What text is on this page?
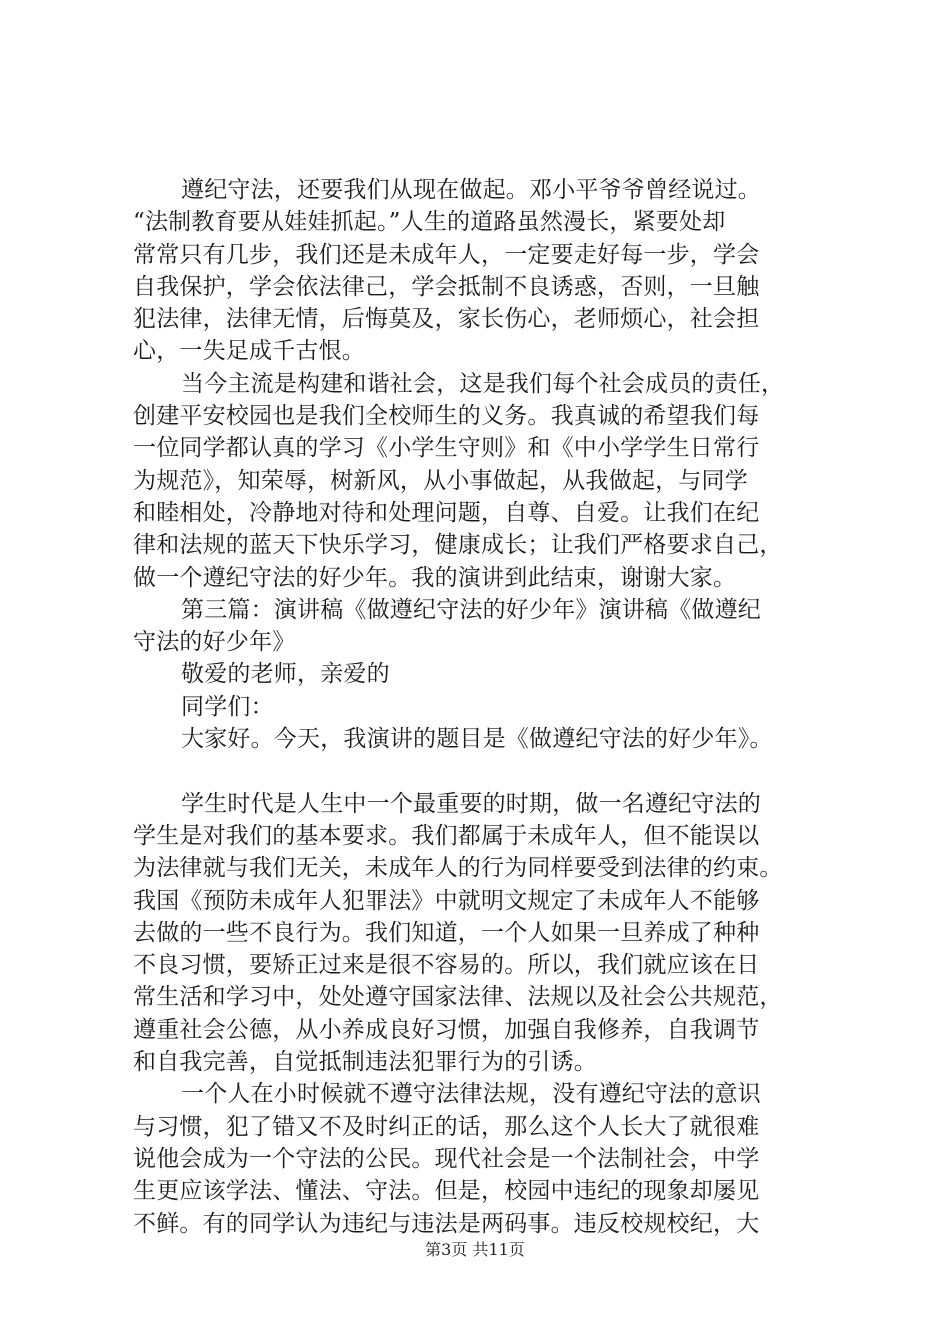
遵纪守法，还要我们从现在做起。邓小平爷爷曾经说过。
“法制教育要从娃娃抓起。”人生的道路虽然漫长，紧要处却
常常只有几步，我们还是未成年人，一定要走好每一步，学会
自我保护，学会依法律己，学会抵制不良诱惑，否则，一旦触
犯法律，法律无情，后悔莫及，家长伤心，老师烦心，社会担
心，一失足成千古恨。
当今主流是构建和谐社会，这是我们每个社会成员的责任，
创建平安校园也是我们全校师生的义务。我真诚的希望我们每
一位同学都认真的学习《小学生守则》和《中小学学生日常行
为规范》，知荣辱，树新风，从小事做起，从我做起，与同学
和睦相处，冷静地对待和处理问题，自尊、自爱。让我们在纪
律和法规的蓝天下快乐学习，健康成长；让我们严格要求自己，
做一个遵纪守法的好少年。我的演讲到此结束，谢谢大家。
第三篇：演讲稿《做遵纪守法的好少年》演讲稿《做遵纪
守法的好少年》
敬爱的老师，亲爱的
同学们：
大家好。今天，我演讲的题目是《做遵纪守法的好少年》。
学生时代是人生中一个最重要的时期，做一名遵纪守法的
学生是对我们的基本要求。我们都属于未成年人，但不能误以
为法律就与我们无关，未成年人的行为同样要受到法律的约束。
我国《预防未成年人犯罪法》中就明文规定了未成年人不能够
去做的一些不良行为。我们知道，一个人如果一旦养成了种种
不良习惯，要矫正过来是很不容易的。所以，我们就应该在日
常生活和学习中，处处遵守国家法律、法规以及社会公共规范，
遵重社会公德，从小养成良好习惯，加强自我修养，自我调节
和自我完善，自觉抵制违法犯罪行为的引诱。
一个人在小时候就不遵守法律法规，没有遵纪守法的意识
与习惯，犯了错又不及时纠正的话，那么这个人长大了就很难
说他会成为一个守法的公民。现代社会是一个法制社会，中学
生更应该学法、懂法、守法。但是，校园中违纪的现象却屡见
不鲜。有的同学认为违纪与违法是两码事。违反校规校纪，大
第3页 共11页
